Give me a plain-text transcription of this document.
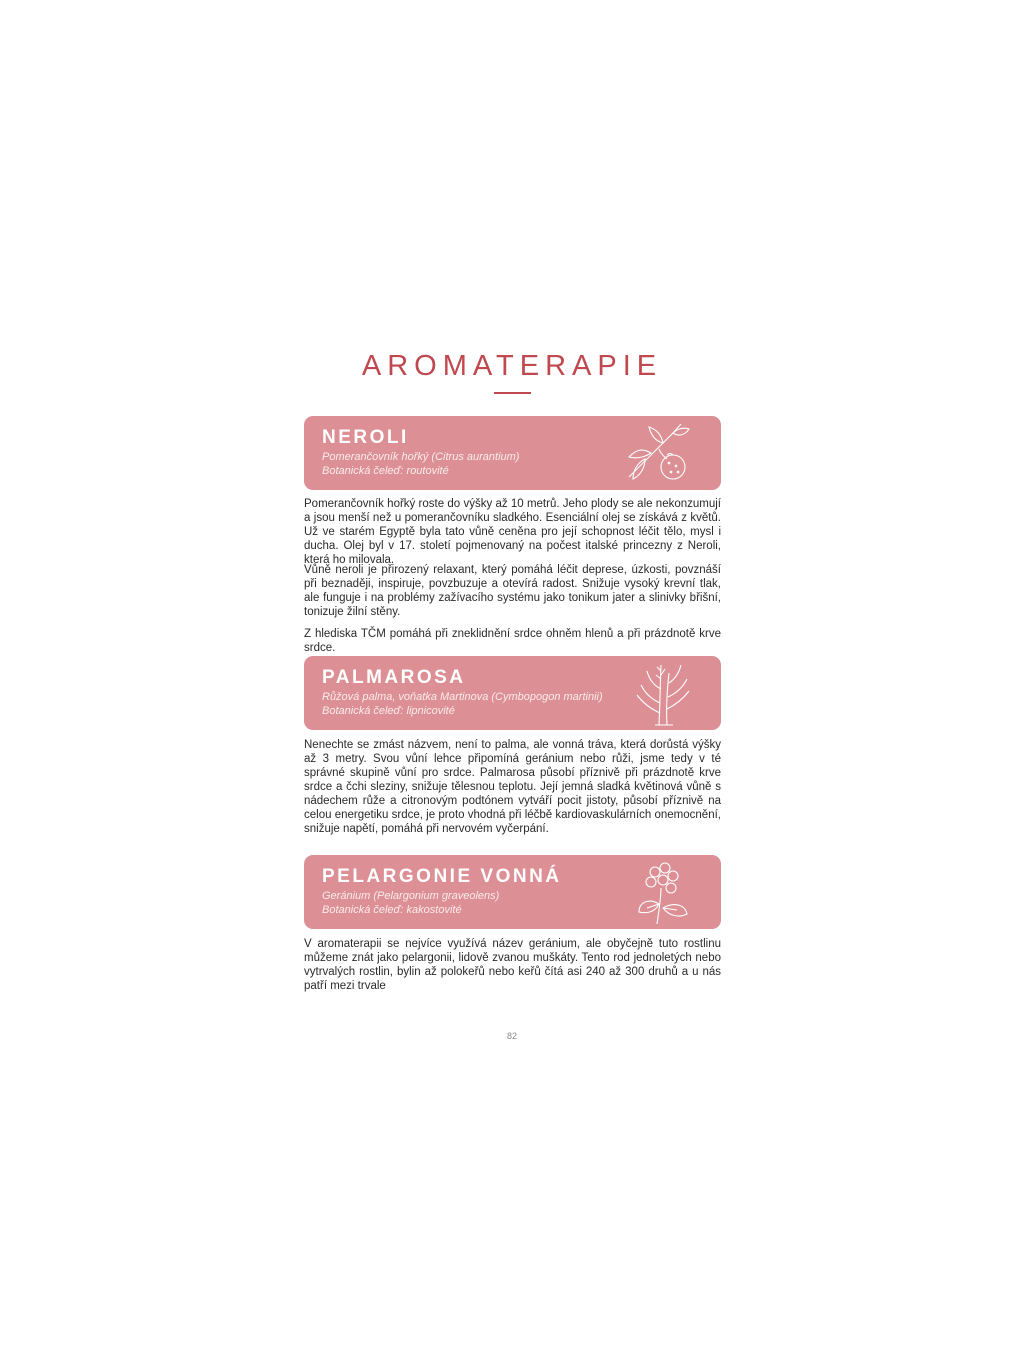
AROMATERAPIE
NEROLI

Pomerančovník hořký (Citrus aurantium)

Botanická čeleď: routovité

Pomerančovník hořký roste do výšky až 10 metrů. Jeho plody se ale nekonzumují a jsou menší než u pomerančovníku sladkého. Esenciální olej se získává z květů. Už ve starém Egyptě byla tato vůně ceněna pro její schopnost léčit tělo, mysl i ducha. Olej byl v 17. století pojmenovaný na počest italské princezny z Neroli, která ho milovala.

Vůně neroli je přirozený relaxant, který pomáhá léčit deprese, úzkosti, povznáší při beznaději, inspiruje, povzbuzuje a otevírá radost. Snižuje vysoký krevní tlak, ale funguje i na problémy zažívacího systému jako tonikum jater a slinivky břišní, tonizuje žilní stěny.

Z hlediska TČM pomáhá při zneklidnění srdce ohněm hlenů a při prázdnotě krve srdce.

PALMAROSA

Růžová palma, voňatka Martinova (Cymbopogon martinii)

Botanická čeleď: lipnicovité

Nenechte se zmást názvem, není to palma, ale vonná tráva, která dorůstá výšky až 3 metry. Svou vůní lehce připomíná geránium nebo růži, jsme tedy v té správné skupině vůní pro srdce. Palmarosa působí příznivě při prázdnotě krve srdce a čchi sleziny, snižuje tělesnou teplotu. Její jemná sladká květinová vůně s nádechem růže a citronovým podtónem vytváří pocit jistoty, působí příznivě na celou energetiku srdce, je proto vhodná při léčbě kardiovaskulárních onemocnění, snižuje napětí, pomáhá při nervovém vyčerpání.

PELARGONIE VONNÁ

Geránium (Pelargonium graveolens)

Botanická čeleď: kakostovité

V aromaterapii se nejvíce využívá název geránium, ale obyčejně tuto rostlinu můžeme znát jako pelargonii, lidově zvanou muškáty. Tento rod jednoletých nebo vytrvalých rostlin, bylin až polokeřů nebo keřů čítá asi 240 až 300 druhů a u nás patří mezi trvale

82
